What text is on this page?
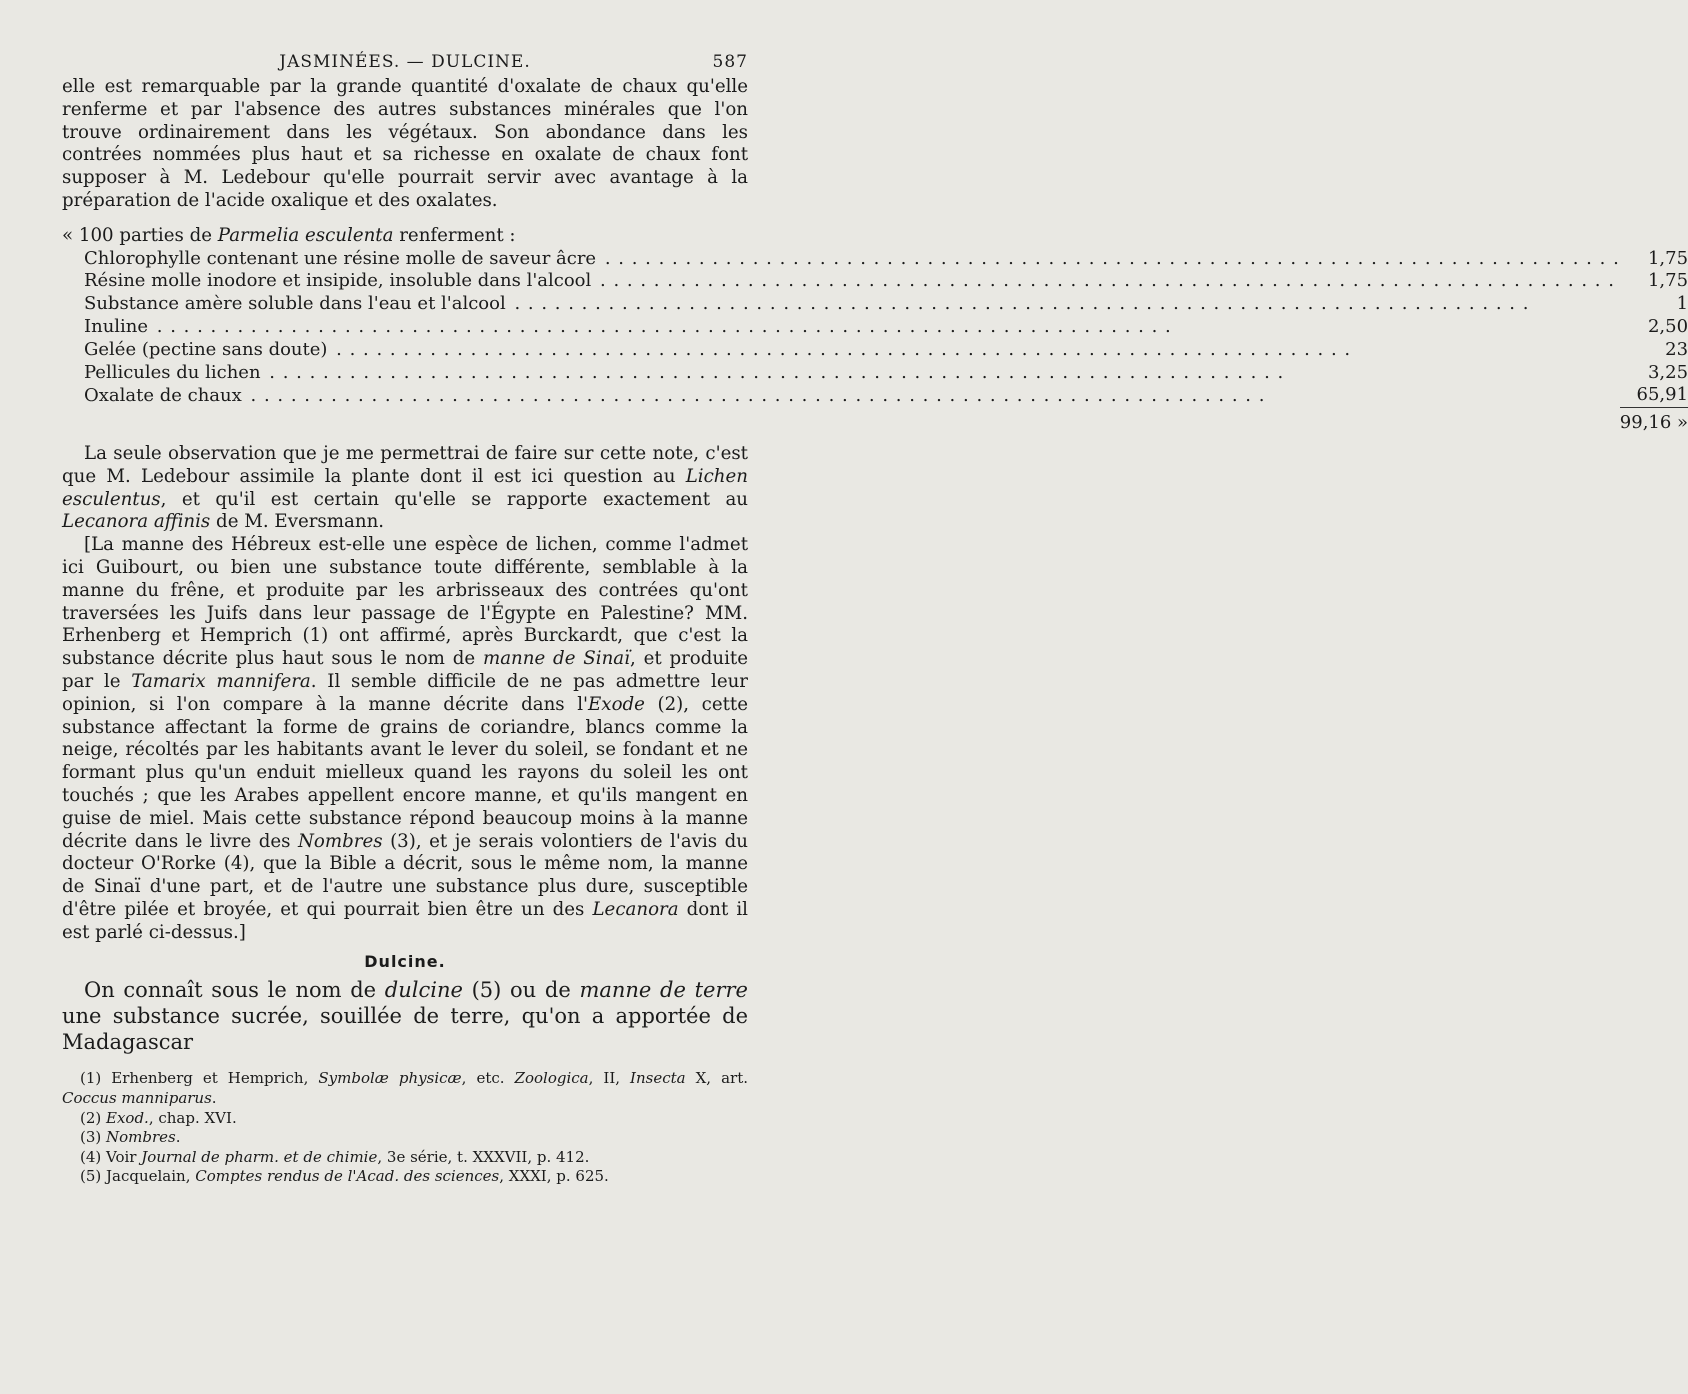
JASMINÉES. — DULCINE.	587

elle est remarquable par la grande quantité d'oxalate de chaux qu'elle renferme et par l'absence des autres substances minérales que l'on trouve ordinairement dans les végétaux. Son abondance dans les contrées nommées plus haut et sa richesse en oxalate de chaux font supposer à M. Ledebour qu'elle pourrait servir avec avantage à la préparation de l'acide oxalique et des oxalates.

« 100 parties de Parmelia esculenta renferment :

Chlorophylle contenant une résine molle de saveur âcre . . .	1,75
Résine molle inodore et insipide, insoluble dans l'alcool . . .	1,75
Substance amère soluble dans l'eau et l'alcool . . .	1
Inuline . . .	2,50
Gelée (pectine sans doute) . . .	23
Pellicules du lichen . . .	3,25
Oxalate de chaux . . .	65,91
	99,16 »

La seule observation que je me permettrai de faire sur cette note, c'est que M. Ledebour assimile la plante dont il est ici question au Lichen esculentus, et qu'il est certain qu'elle se rapporte exactement au Lecanora affinis de M. Eversmann.

[La manne des Hébreux est-elle une espèce de lichen, comme l'admet ici Guibourt, ou bien une substance toute différente, semblable à la manne du frêne, et produite par les arbrisseaux des contrées qu'ont traversées les Juifs dans leur passage de l'Égypte en Palestine? MM. Erhenberg et Hemprich (1) ont affirmé, après Burckardt, que c'est la substance décrite plus haut sous le nom de manne de Sinaï, et produite par le Tamarix mannifera. Il semble difficile de ne pas admettre leur opinion, si l'on compare à la manne décrite dans l'Exode (2), cette substance affectant la forme de grains de coriandre, blancs comme la neige, récoltés par les habitants avant le lever du soleil, se fondant et ne formant plus qu'un enduit mielleux quand les rayons du soleil les ont touchés ; que les Arabes appellent encore manne, et qu'ils mangent en guise de miel. Mais cette substance répond beaucoup moins à la manne décrite dans le livre des Nombres (3), et je serais volontiers de l'avis du docteur O'Rorke (4), que la Bible a décrit, sous le même nom, la manne de Sinaï d'une part, et de l'autre une substance plus dure, susceptible d'être pilée et broyée, et qui pourrait bien être un des Lecanora dont il est parlé ci-dessus.]

Dulcine.

On connaît sous le nom de dulcine (5) ou de manne de terre une substance sucrée, souillée de terre, qu'on a apportée de Madagascar

(1) Erhenberg et Hemprich, Symbolæ physicæ, etc. Zoologica, II, Insecta X, art. Coccus manniparus.

(2) Exod., chap. XVI.

(3) Nombres.

(4) Voir Journal de pharm. et de chimie, 3e série, t. XXXVII, p. 412.

(5) Jacquelain, Comptes rendus de l'Acad. des sciences, XXXI, p. 625.
